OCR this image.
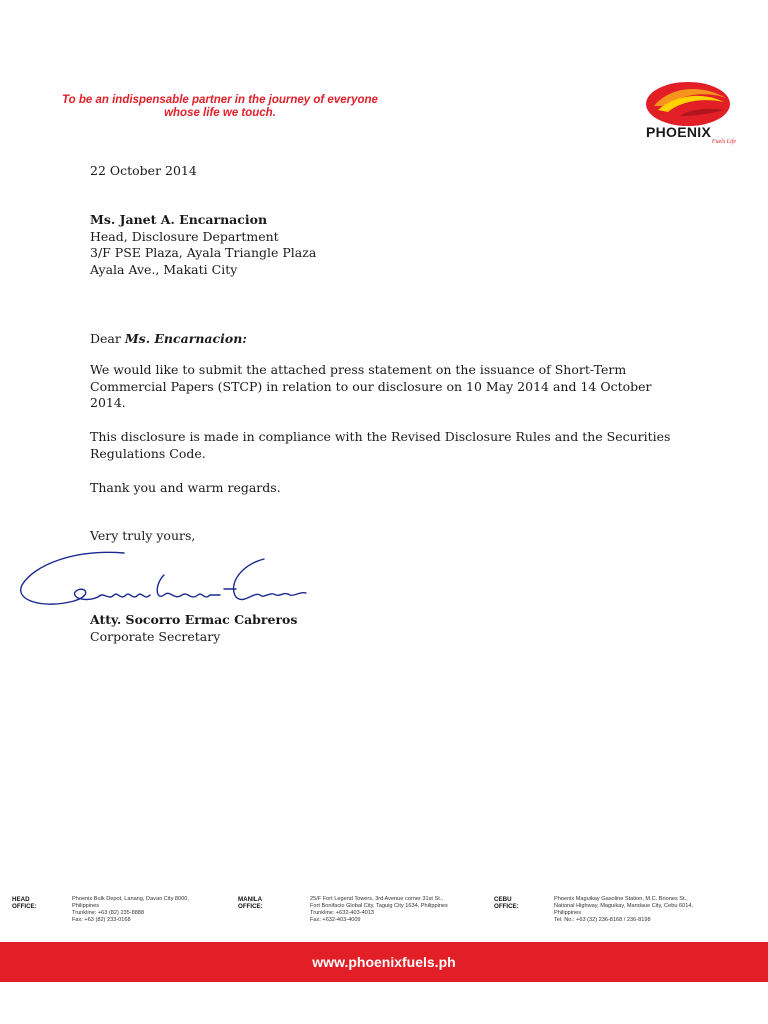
To be an indispensable partner in the journey of everyone
whose life we touch.
PHOENIX
Fuels Life
22 October 2014
Ms. Janet A. Encarnacion
Head, Disclosure Department
3/F PSE Plaza, Ayala Triangle Plaza
Ayala Ave., Makati City
Dear Ms. Encarnacion:
We would like to submit the attached press statement on the issuance of Short-Term
Commercial Papers (STCP) in relation to our disclosure on 10 May 2014 and 14 October
2014.
This disclosure is made in compliance with the Revised Disclosure Rules and the Securities
Regulations Code.
Thank you and warm regards.
Very truly yours,
Atty. Socorro Ermac Cabreros
Corporate Secretary
HEAD OFFICE:
Phoenix Bulk Depot, Lanang, Davao City 8000,
Philippines
Trunkline: +63 (82) 235-8888
Fax: +63 (82) 233-0168
MANILA OFFICE:
25/F Fort Legend Towers, 3rd Avenue corner 31st St.,
Fort Bonifacio Global City, Taguig City 1634, Philippines
Trunkline: +632-403-4013
Fax: +632-403-4009
CEBU OFFICE:
Phoenix Maguikay Gasoline Station, M.C. Briones St.,
National Highway, Maguikay, Mandaue City, Cebu 6014,
Philippines
Tel. No.: +63 (32) 236-8168 / 236-8198
www.phoenixfuels.ph
